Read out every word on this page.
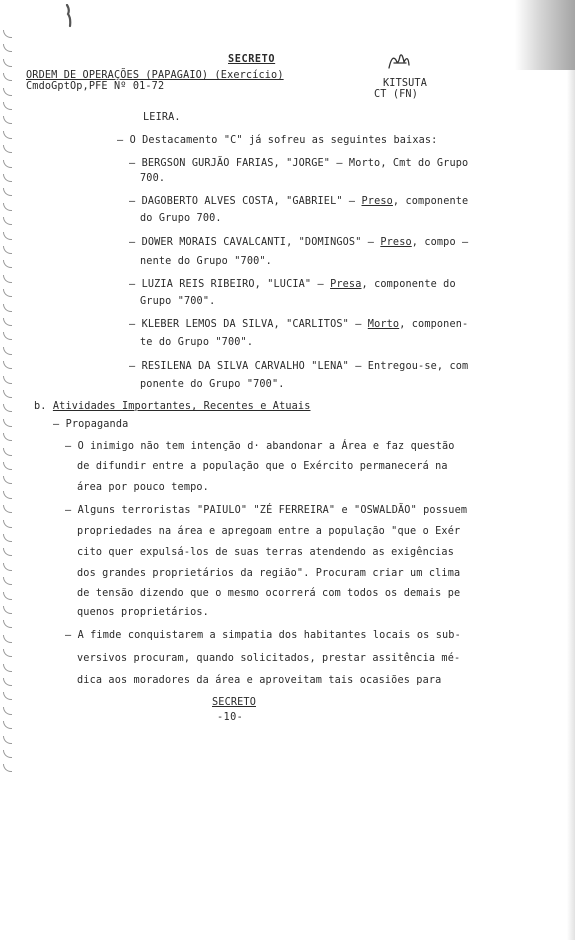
SECRETO
ORDEM DE OPERAÇÕES (PAPAGAIO) (Exercício)
CmdoGptOp,PFE Nº 01-72	KITSUTA
CT (FN)
LEIRA.
– O Destacamento "C" já sofreu as seguintes baixas:
– BERGSON GURJÃO FARIAS, "JORGE" – Morto, Cmt do Grupo
700.
– DAGOBERTO ALVES COSTA, "GABRIEL" – Preso, componente
do Grupo 700.
– DOWER MORAIS CAVALCANTI, "DOMINGOS" – Preso, compo –
nente do Grupo "700".
– LUZIA REIS RIBEIRO, "LUCIA" – Presa, componente do
Grupo "700".
– KLEBER LEMOS DA SILVA, "CARLITOS" – Morto, componen-
te do Grupo "700".
– RESILENA DA SILVA CARVALHO "LENA" – Entregou-se, com
ponente do Grupo "700".
b. Atividades Importantes, Recentes e Atuais
– Propaganda
– O inimigo não tem intenção d· abandonar a Área e faz questão
de difundir entre a população que o Exército permanecerá na
área por pouco tempo.
– Alguns terroristas "PAIULO" "ZÉ FERREIRA" e "OSWALDÃO" possuem
propriedades na área e apregoam entre a população "que o Exér
cito quer expulsá-los de suas terras atendendo as exigências
dos grandes proprietários da região". Procuram criar um clima
de tensão dizendo que o mesmo ocorrerá com todos os demais pe
quenos proprietários.
– A fimde conquistarem a simpatia dos habitantes locais os sub-
versivos procuram, quando solicitados, prestar assitência mé-
dica aos moradores da área e aproveitam tais ocasiões para
SECRETO
-10-
